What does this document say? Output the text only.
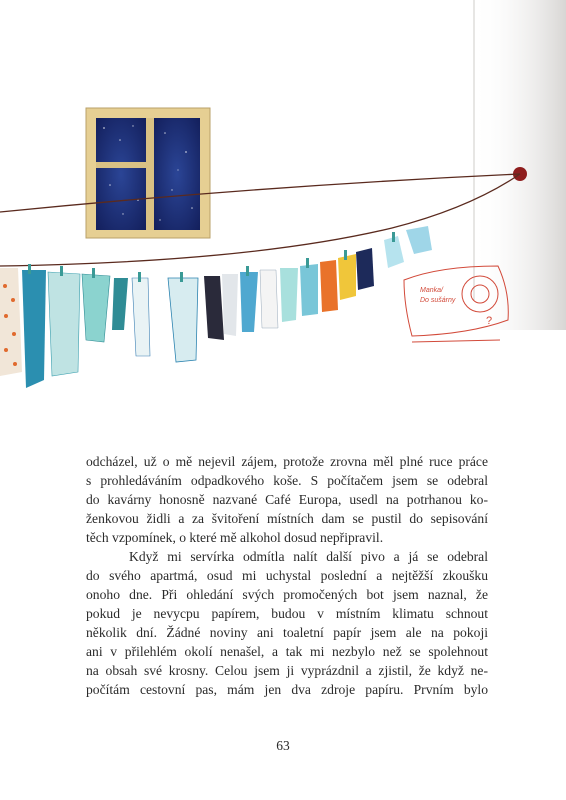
Manka/
Do sušárny
?
odcházel, už o mě nejevil zájem, protože zrovna měl plné ruce práce
s prohledáváním odpadkového koše. S počítačem jsem se odebral
do kavárny honosně nazvané Café Europa, usedl na potrhanou ko-
ženkovou židli a za švitoření místních dam se pustil do sepisování
těch vzpomínek, o které mě alkohol dosud nepřipravil.
Když mi servírka odmítla nalít další pivo a já se odebral
do svého apartmá, osud mi uchystal poslední a nejtěžší zkoušku
onoho dne. Při ohledání svých promočených bot jsem naznal, že
pokud je nevycpu papírem, budou v místním klimatu schnout
několik dní. Žádné noviny ani toaletní papír jsem ale na pokoji
ani v přilehlém okolí nenašel, a tak mi nezbylo než se spolehnout
na obsah své krosny. Celou jsem ji vyprázdnil a zjistil, že když ne-
počítám cestovní pas, mám jen dva zdroje papíru. Prvním bylo
63
